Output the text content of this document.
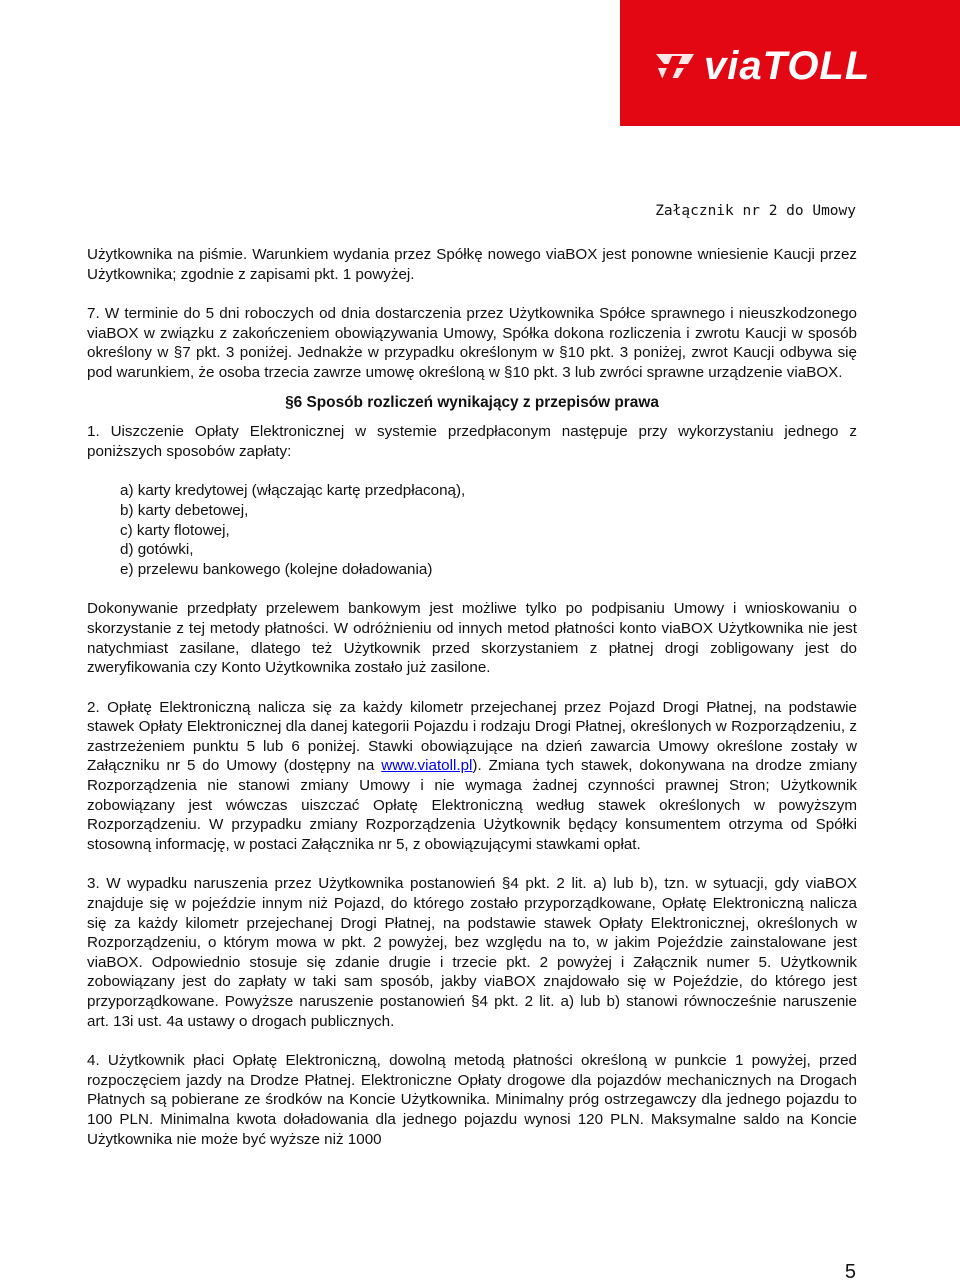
viaTOLL
Załącznik nr 2 do Umowy

Użytkownika na piśmie. Warunkiem wydania przez Spółkę nowego viaBOX jest ponowne wniesienie Kaucji przez Użytkownika; zgodnie z zapisami pkt. 1 powyżej.

7. W terminie do 5 dni roboczych od dnia dostarczenia przez Użytkownika Spółce sprawnego i nieuszkodzonego viaBOX w związku z zakończeniem obowiązywania Umowy, Spółka dokona rozliczenia i zwrotu Kaucji w sposób określony w §7 pkt. 3 poniżej. Jednakże w przypadku określonym w §10 pkt. 3 poniżej, zwrot Kaucji odbywa się pod warunkiem, że osoba trzecia zawrze umowę określoną w §10 pkt. 3 lub zwróci sprawne urządzenie viaBOX.

§6 Sposób rozliczeń wynikający z przepisów prawa

1. Uiszczenie Opłaty Elektronicznej w systemie przedpłaconym następuje przy wykorzystaniu jednego z poniższych sposobów zapłaty:

a) karty kredytowej (włączając kartę przedpłaconą),
b) karty debetowej,
c) karty flotowej,
d) gotówki,
e) przelewu bankowego (kolejne doładowania)

Dokonywanie przedpłaty przelewem bankowym jest możliwe tylko po podpisaniu Umowy i wnioskowaniu o skorzystanie z tej metody płatności. W odróżnieniu od innych metod płatności konto viaBOX Użytkownika nie jest natychmiast zasilane, dlatego też Użytkownik przed skorzystaniem z płatnej drogi zobligowany jest do zweryfikowania czy Konto Użytkownika zostało już zasilone.

2. Opłatę Elektroniczną nalicza się za każdy kilometr przejechanej przez Pojazd Drogi Płatnej, na podstawie stawek Opłaty Elektronicznej dla danej kategorii Pojazdu i rodzaju Drogi Płatnej, określonych w Rozporządzeniu, z zastrzeżeniem punktu 5 lub 6 poniżej. Stawki obowiązujące na dzień zawarcia Umowy określone zostały w Załączniku nr 5 do Umowy (dostępny na www.viatoll.pl). Zmiana tych stawek, dokonywana na drodze zmiany Rozporządzenia nie stanowi zmiany Umowy i nie wymaga żadnej czynności prawnej Stron; Użytkownik zobowiązany jest wówczas uiszczać Opłatę Elektroniczną według stawek określonych w powyższym Rozporządzeniu. W przypadku zmiany Rozporządzenia Użytkownik będący konsumentem otrzyma od Spółki stosowną informację, w postaci Załącznika nr 5, z obowiązującymi stawkami opłat.

3. W wypadku naruszenia przez Użytkownika postanowień §4 pkt. 2 lit. a) lub b), tzn. w sytuacji, gdy viaBOX znajduje się w pojeździe innym niż Pojazd, do którego zostało przyporządkowane, Opłatę Elektroniczną nalicza się za każdy kilometr przejechanej Drogi Płatnej, na podstawie stawek Opłaty Elektronicznej, określonych w Rozporządzeniu, o którym mowa w pkt. 2 powyżej, bez względu na to, w jakim Pojeździe zainstalowane jest viaBOX. Odpowiednio stosuje się zdanie drugie i trzecie pkt. 2 powyżej i Załącznik numer 5. Użytkownik zobowiązany jest do zapłaty w taki sam sposób, jakby viaBOX znajdowało się w Pojeździe, do którego jest przyporządkowane. Powyższe naruszenie postanowień §4 pkt. 2 lit. a) lub b) stanowi równocześnie naruszenie art. 13i ust. 4a ustawy o drogach publicznych.

4. Użytkownik płaci Opłatę Elektroniczną, dowolną metodą płatności określoną w punkcie 1 powyżej, przed rozpoczęciem jazdy na Drodze Płatnej. Elektroniczne Opłaty drogowe dla pojazdów mechanicznych na Drogach Płatnych są pobierane ze środków na Koncie Użytkownika. Minimalny próg ostrzegawczy dla jednego pojazdu to 100 PLN. Minimalna kwota doładowania dla jednego pojazdu wynosi 120 PLN. Maksymalne saldo na Koncie Użytkownika nie może być wyższe niż 1000

5
